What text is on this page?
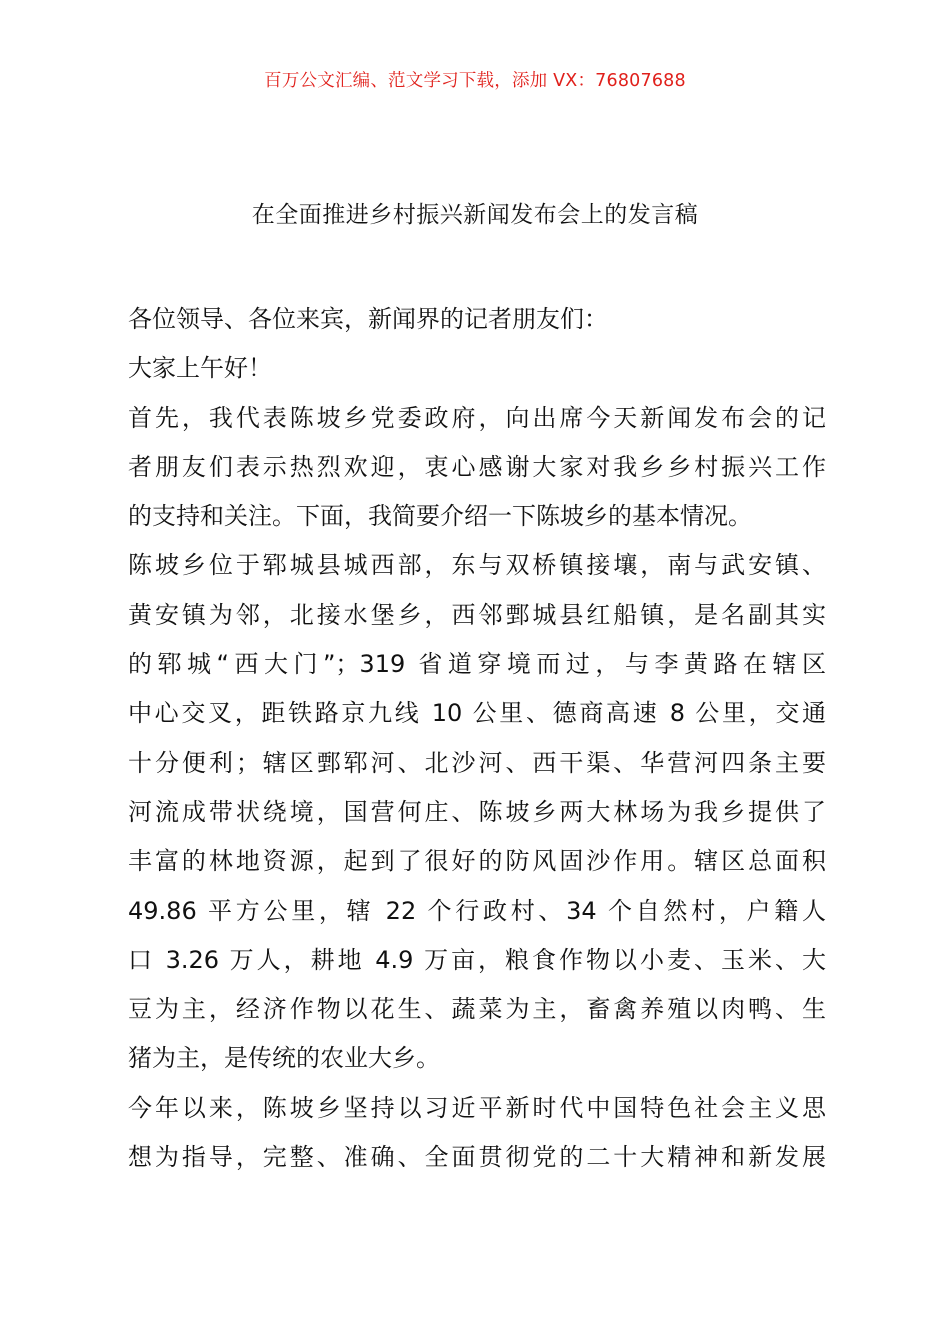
百万公文汇编、范文学习下载，添加 VX：76807688
在全面推进乡村振兴新闻发布会上的发言稿
各位领导、各位来宾，新闻界的记者朋友们：
大家上午好！
首先，我代表陈坡乡党委政府，向出席今天新闻发布会的记
者朋友们表示热烈欢迎，衷心感谢大家对我乡乡村振兴工作
的支持和关注。下面，我简要介绍一下陈坡乡的基本情况。
陈坡乡位于郓城县城西部，东与双桥镇接壤，南与武安镇、
黄安镇为邻，北接水堡乡，西邻鄄城县红船镇，是名副其实
的郓城“西大门”；319 省道穿境而过，与李黄路在辖区
中心交叉，距铁路京九线 10 公里、德商高速 8 公里，交通
十分便利；辖区鄄郓河、北沙河、西干渠、华营河四条主要
河流成带状绕境，国营何庄、陈坡乡两大林场为我乡提供了
丰富的林地资源，起到了很好的防风固沙作用。辖区总面积
49.86 平方公里，辖 22 个行政村、34 个自然村，户籍人
口 3.26 万人，耕地 4.9 万亩，粮食作物以小麦、玉米、大
豆为主，经济作物以花生、蔬菜为主，畜禽养殖以肉鸭、生
猪为主，是传统的农业大乡。
今年以来，陈坡乡坚持以习近平新时代中国特色社会主义思
想为指导，完整、准确、全面贯彻党的二十大精神和新发展
